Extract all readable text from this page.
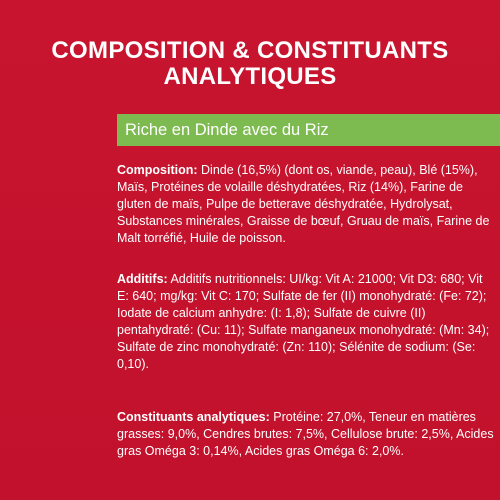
COMPOSITION & CONSTITUANTS
ANALYTIQUES
Riche en Dinde avec du Riz
Composition: Dinde (16,5%) (dont os, viande, peau), Blé (15%), Maïs, Protéines de volaille déshydratées, Riz (14%), Farine de gluten de maïs, Pulpe de betterave déshydratée, Hydrolysat, Substances minérales, Graisse de bœuf, Gruau de maïs, Farine de Malt torréfié, Huile de poisson.
Additifs: Additifs nutritionnels: UI/kg: Vit A: 21000; Vit D3: 680; Vit E: 640; mg/kg: Vit C: 170; Sulfate de fer (II) monohydraté: (Fe: 72); Iodate de calcium anhydre: (I: 1,8); Sulfate de cuivre (II) pentahydraté: (Cu: 11); Sulfate manganeux monohydraté: (Mn: 34); Sulfate de zinc monohydraté: (Zn: 110); Sélénite de sodium: (Se: 0,10).
Constituants analytiques: Protéine: 27,0%, Teneur en matières grasses: 9,0%, Cendres brutes: 7,5%, Cellulose brute: 2,5%, Acides gras Oméga 3: 0,14%, Acides gras Oméga 6: 2,0%.
